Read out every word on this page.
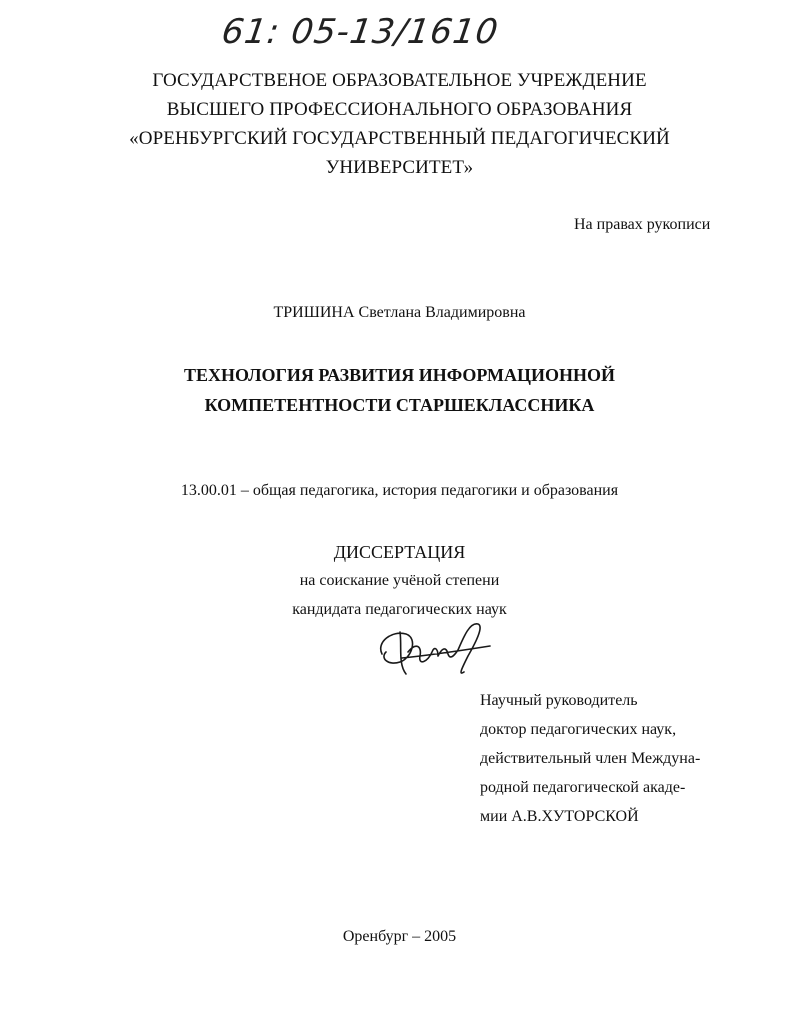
61: 05-13/1610
ГОСУДАРСТВЕНОЕ ОБРАЗОВАТЕЛЬНОЕ УЧРЕЖДЕНИЕ
ВЫСШЕГО ПРОФЕССИОНАЛЬНОГО ОБРАЗОВАНИЯ
«ОРЕНБУРГСКИЙ ГОСУДАРСТВЕННЫЙ ПЕДАГОГИЧЕСКИЙ
УНИВЕРСИТЕТ»
На правах рукописи
ТРИШИНА Светлана Владимировна
ТЕХНОЛОГИЯ РАЗВИТИЯ ИНФОРМАЦИОННОЙ
КОМПЕТЕНТНОСТИ СТАРШЕКЛАССНИКА
13.00.01 – общая педагогика, история педагогики и образования
ДИССЕРТАЦИЯ
на соискание учёной степени
кандидата педагогических наук
Научный руководитель
доктор педагогических наук,
действительный член Междуна-
родной педагогической акаде-
мии А.В.ХУТОРСКОЙ
Оренбург – 2005
